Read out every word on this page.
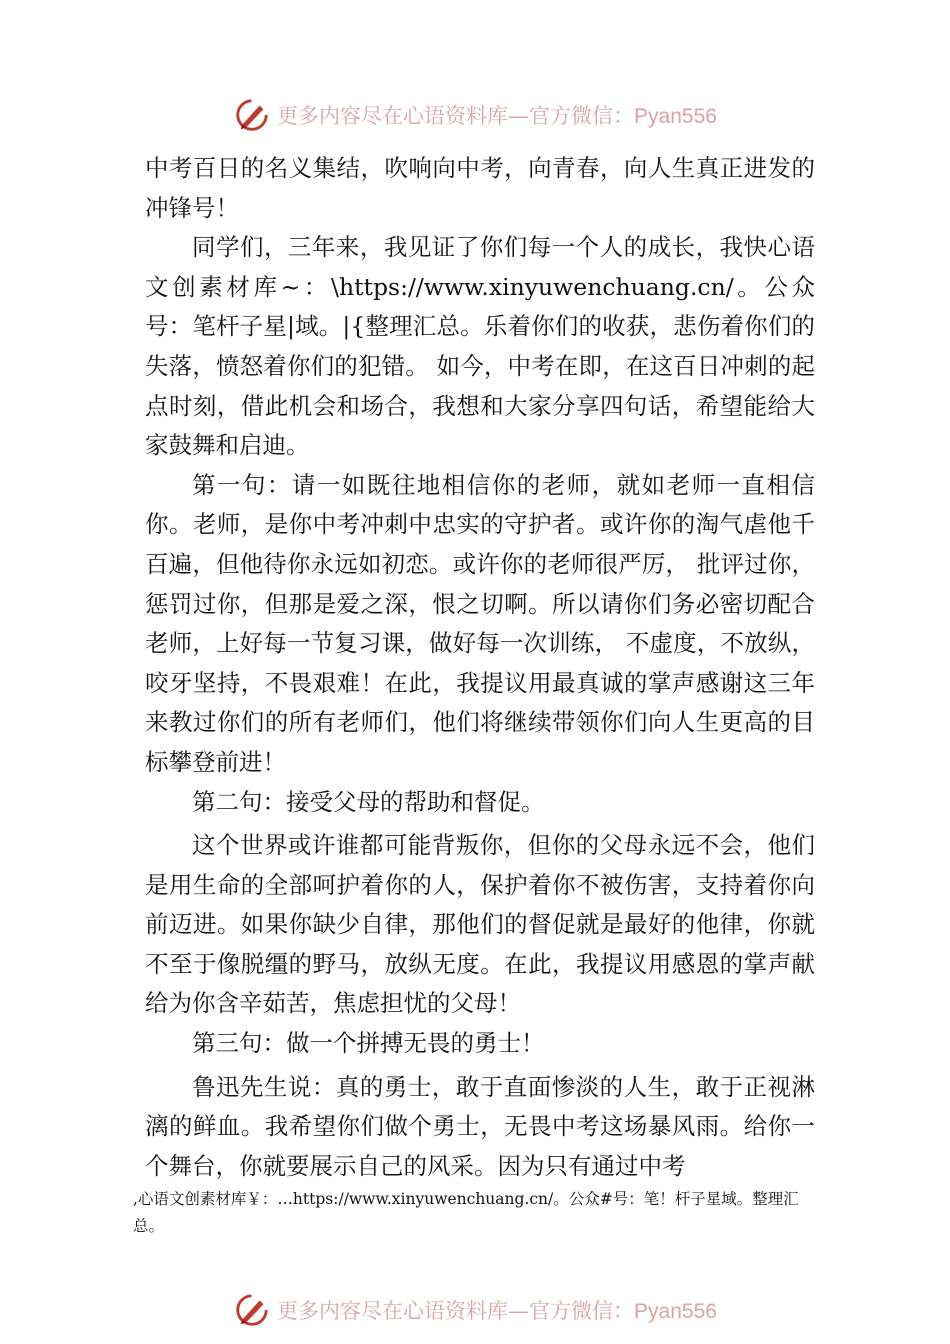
更多内容尽在心语资料库—官方微信：Pyan556

中考百日的名义集结，吹响向中考，向青春，向人生真正进发的冲锋号！

同学们，三年来，我见证了你们每一个人的成长，我快心语文创素材库~：\https://www.xinyuwenchuang.cn/。公众号：笔杆子星|域。|{整理汇总。乐着你们的收获，悲伤着你们的失落，愤怒着你们的犯错。 如今，中考在即，在这百日冲刺的起点时刻，借此机会和场合，我想和大家分享四句话，希望能给大家鼓舞和启迪。

第一句：请一如既往地相信你的老师，就如老师一直相信你。老师，是你中考冲刺中忠实的守护者。或许你的淘气虐他千百遍，但他待你永远如初恋。或许你的老师很严厉， 批评过你，惩罚过你，但那是爱之深，恨之切啊。所以请你们务必密切配合老师，上好每一节复习课，做好每一次训练， 不虚度，不放纵，咬牙坚持，不畏艰难！在此，我提议用最真诚的掌声感谢这三年来教过你们的所有老师们，他们将继续带领你们向人生更高的目标攀登前进！

第二句：接受父母的帮助和督促。

这个世界或许谁都可能背叛你，但你的父母永远不会，他们是用生命的全部呵护着你的人，保护着你不被伤害，支持着你向前迈进。如果你缺少自律，那他们的督促就是最好的他律，你就不至于像脱缰的野马，放纵无度。在此，我提议用感恩的掌声献给为你含辛茹苦，焦虑担忧的父母！

第三句：做一个拼搏无畏的勇士！

鲁迅先生说：真的勇士，敢于直面惨淡的人生，敢于正视淋漓的鲜血。我希望你们做个勇士，无畏中考这场暴风雨。给你一个舞台，你就要展示自己的风采。因为只有通过中考

,心语文创素材库￥：…https://www.xinyuwenchuang.cn/。公众#号：笔！杆子星域。整理汇总。
更多内容尽在心语资料库—官方微信：Pyan556
